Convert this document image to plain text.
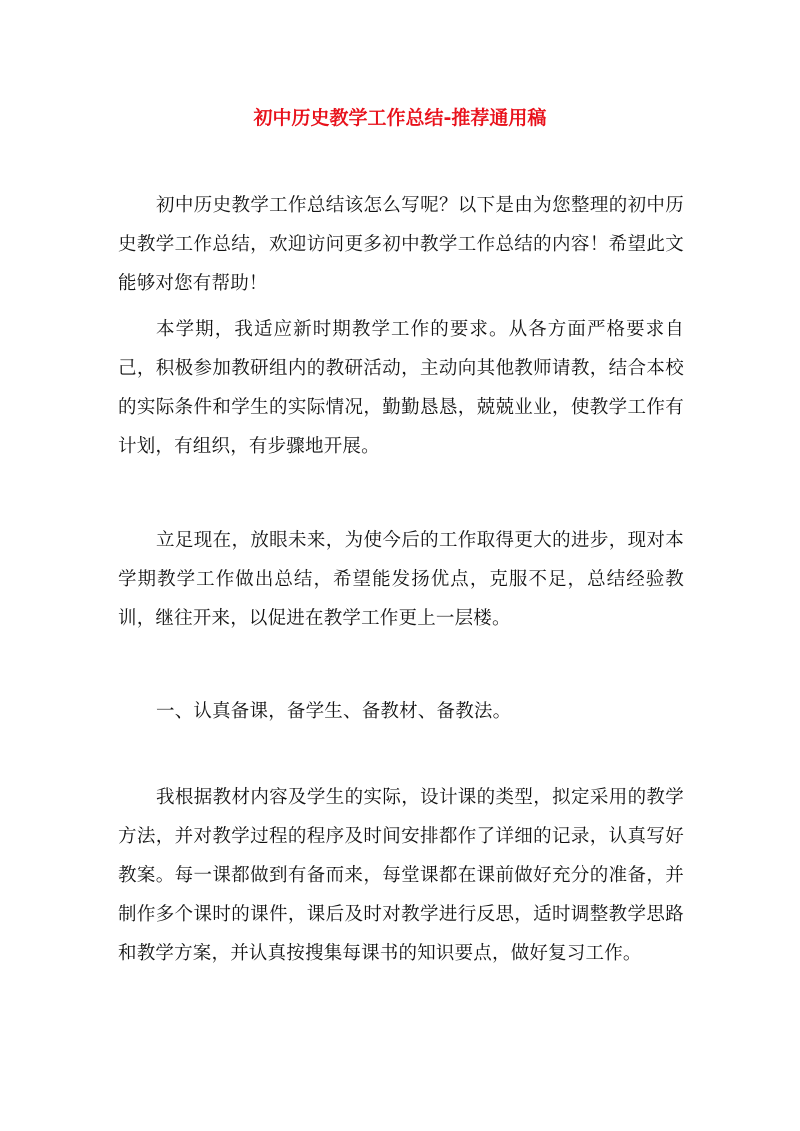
初中历史教学工作总结-推荐通用稿

初中历史教学工作总结该怎么写呢？以下是由为您整理的初中历史教学工作总结，欢迎访问更多初中教学工作总结的内容！希望此文能够对您有帮助！

本学期，我适应新时期教学工作的要求。从各方面严格要求自己，积极参加教研组内的教研活动，主动向其他教师请教，结合本校的实际条件和学生的实际情况，勤勤恳恳，兢兢业业，使教学工作有计划，有组织，有步骤地开展。

立足现在，放眼未来，为使今后的工作取得更大的进步，现对本学期教学工作做出总结，希望能发扬优点，克服不足，总结经验教训，继往开来，以促进在教学工作更上一层楼。

一、认真备课，备学生、备教材、备教法。

我根据教材内容及学生的实际，设计课的类型，拟定采用的教学方法，并对教学过程的程序及时间安排都作了详细的记录，认真写好教案。每一课都做到有备而来，每堂课都在课前做好充分的准备，并制作多个课时的课件，课后及时对教学进行反思，适时调整教学思路和教学方案，并认真按搜集每课书的知识要点，做好复习工作。
